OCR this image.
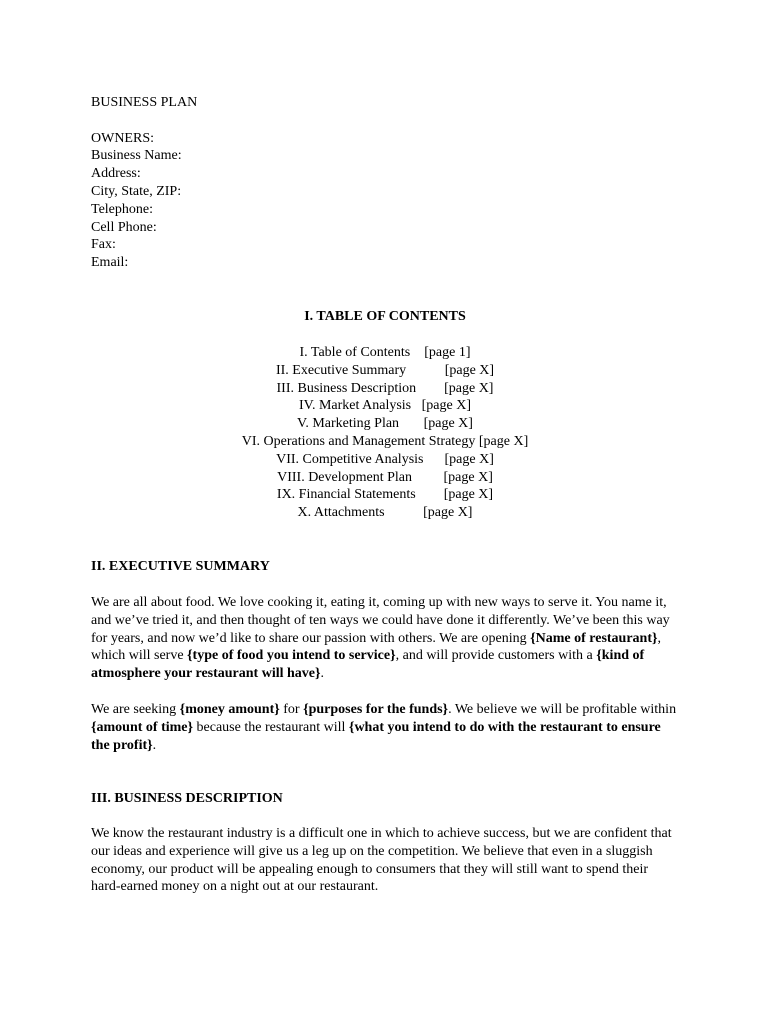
BUSINESS PLAN
OWNERS:
Business Name:
Address:
City, State, ZIP:
Telephone:
Cell Phone:
Fax:
Email:
I. TABLE OF CONTENTS
I. Table of Contents [page 1]
II. Executive Summary	[page X]
III. Business Description [page X]
IV. Market Analysis [page X]
V. Marketing Plan [page X]
VI. Operations and Management Strategy [page X]
VII. Competitive Analysis [page X]
VIII. Development Plan [page X]
IX. Financial Statements [page X]
X. Attachments	[page X]
II. EXECUTIVE SUMMARY
We are all about food. We love cooking it, eating it, coming up with new ways to serve it. You name it, and we’ve tried it, and then thought of ten ways we could have done it differently. We’ve been this way for years, and now we’d like to share our passion with others. We are opening {Name of restaurant}, which will serve {type of food you intend to service}, and will provide customers with a {kind of atmosphere your restaurant will have}.
We are seeking {money amount} for {purposes for the funds}. We believe we will be profitable within {amount of time} because the restaurant will {what you intend to do with the restaurant to ensure the profit}.
III. BUSINESS DESCRIPTION
We know the restaurant industry is a difficult one in which to achieve success, but we are confident that our ideas and experience will give us a leg up on the competition. We believe that even in a sluggish economy, our product will be appealing enough to consumers that they will still want to spend their hard-earned money on a night out at our restaurant.
